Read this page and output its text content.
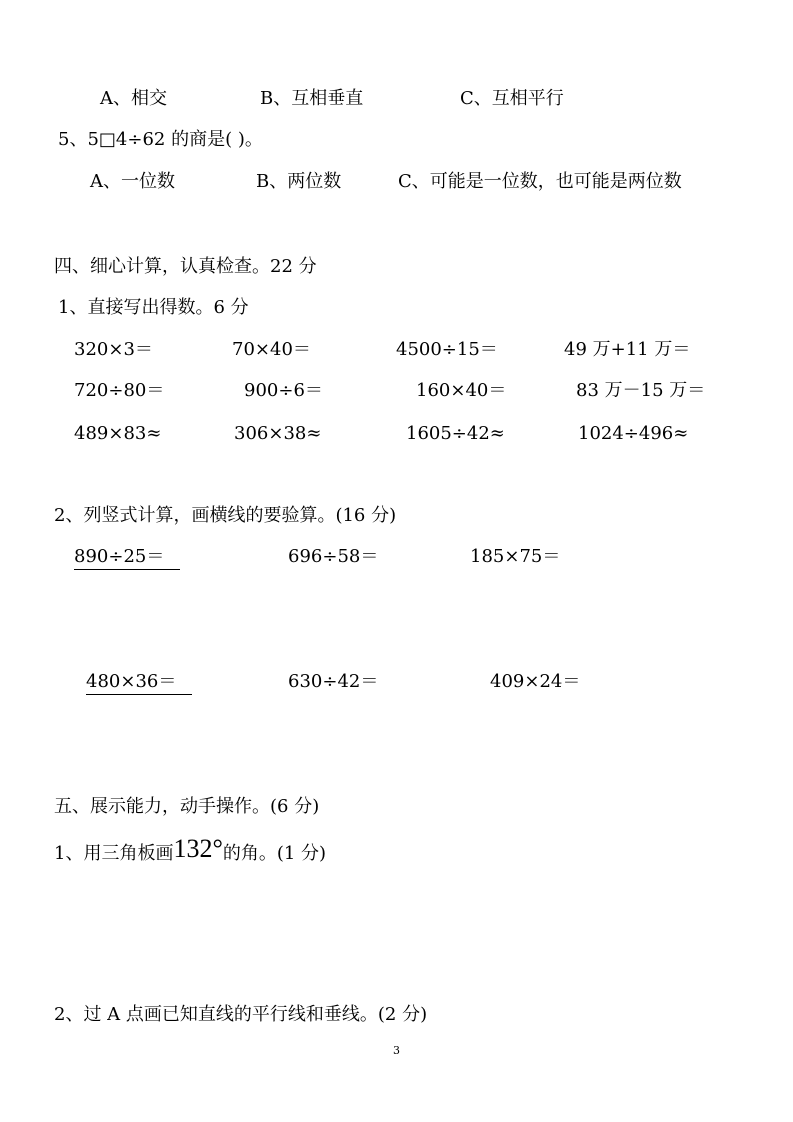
A、相交	B、互相垂直	C、互相平行
5、5□4÷62 的商是( )。
A、一位数	B、两位数	C、可能是一位数，也可能是两位数
四、细心计算，认真检查。22 分
1、直接写出得数。6 分
320×3＝	70×40＝	4500÷15＝	49 万+11 万＝
720÷80＝	900÷6＝	160×40＝	83 万－15 万＝
489×83≈	306×38≈	1605÷42≈	1024÷496≈
2、列竖式计算，画横线的要验算。(16 分)
890÷25＝	696÷58＝	185×75＝
480×36＝	630÷42＝	409×24＝
五、展示能力，动手操作。(6 分)
1、用三角板画132°的角。(1 分)
2、过 A 点画已知直线的平行线和垂线。(2 分)
3
